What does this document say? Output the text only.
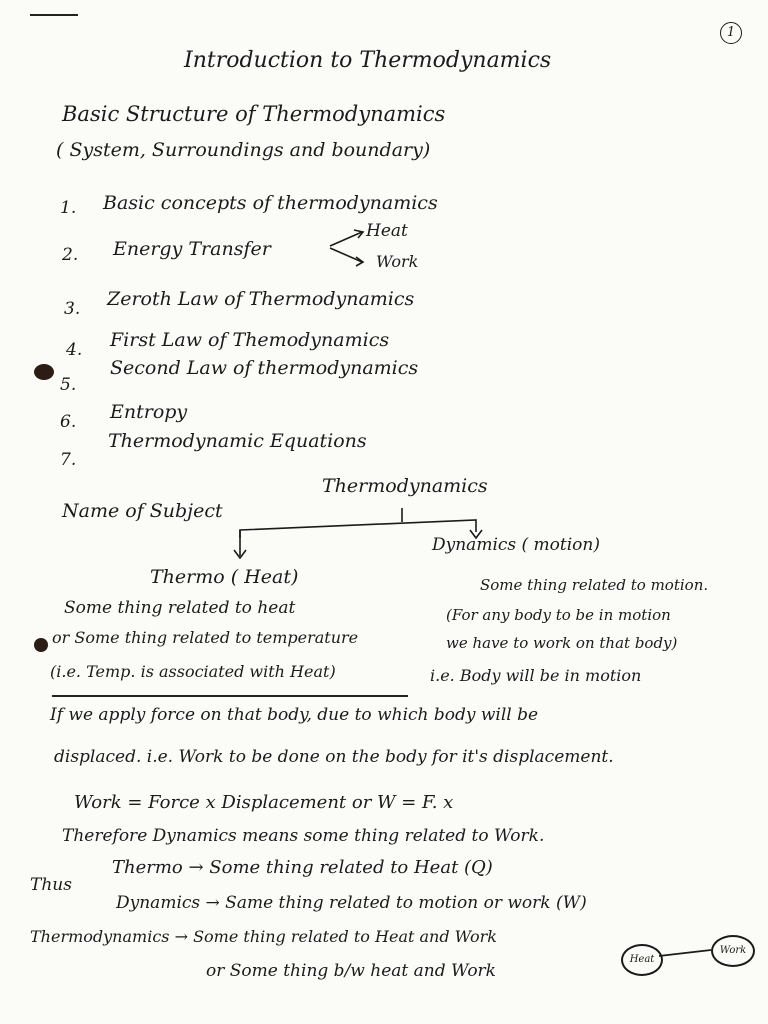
1
Introduction to Thermodynamics
Basic Structure of Thermodynamics
( System, Surroundings and boundary)
1. Basic concepts of thermodynamics
2. Energy Transfer
Heat
Work
3. Zeroth Law of Thermodynamics
4. First Law of Themodynamics
5.
Second Law of thermodynamics
6. Entropy
7.
Thermodynamic Equations
Name of Subject
Thermodynamics
Dynamics ( motion)
Thermo ( Heat)	Some thing related to motion.
Some thing related to heat
or Some thing related to temperature
(For any body to be in motion
we have to work on that body)
(i.e. Temp. is associated with Heat)	i.e. Body will be in motion
If we apply force on that body, due to which body will be
displaced. i.e. Work to be done on the body for it's displacement.
Work = Force x Displacement or W = F. x
Therefore Dynamics means some thing related to Work.
Thus
Thermo → Some thing related to Heat (Q)
Dynamics → Same thing related to motion or work (W)
Thermodynamics → Some thing related to Heat and Work
or Some thing b/w heat and Work
Heat
Work
